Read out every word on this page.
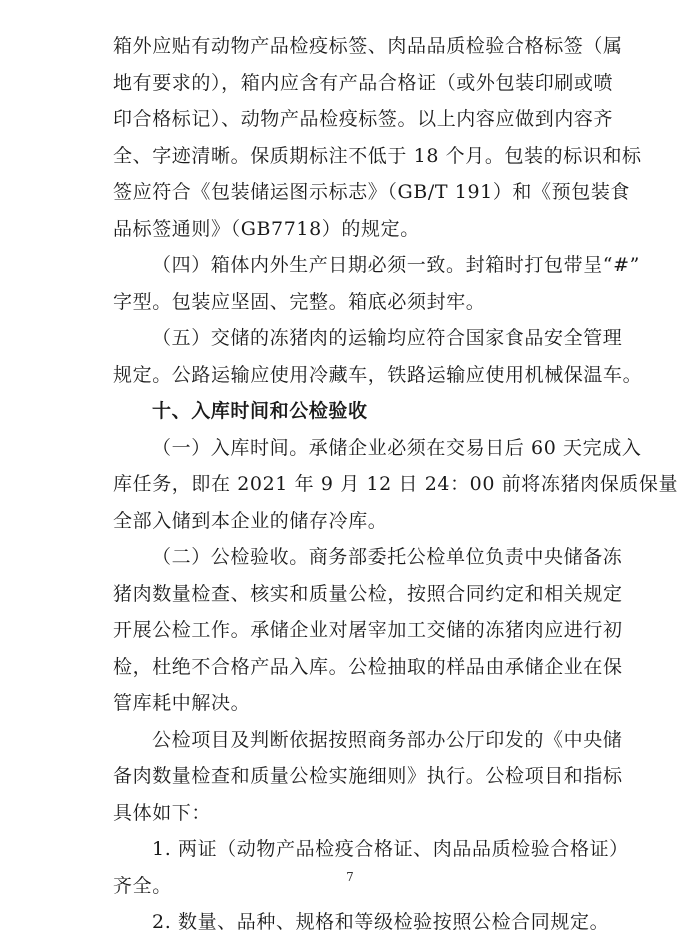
箱外应贴有动物产品检疫标签、肉品品质检验合格标签（属
地有要求的），箱内应含有产品合格证（或外包装印刷或喷
印合格标记）、动物产品检疫标签。以上内容应做到内容齐
全、字迹清晰。保质期标注不低于 18 个月。包装的标识和标
签应符合《包装储运图示标志》（GB/T 191）和《预包装食
品标签通则》（GB7718）的规定。
（四）箱体内外生产日期必须一致。封箱时打包带呈“#”
字型。包装应坚固、完整。箱底必须封牢。
（五）交储的冻猪肉的运输均应符合国家食品安全管理
规定。公路运输应使用冷藏车，铁路运输应使用机械保温车。
十、入库时间和公检验收
（一）入库时间。承储企业必须在交易日后 60 天完成入
库任务，即在 2021 年 9 月 12 日 24：00 前将冻猪肉保质保量
全部入储到本企业的储存冷库。
（二）公检验收。商务部委托公检单位负责中央储备冻
猪肉数量检查、核实和质量公检，按照合同约定和相关规定
开展公检工作。承储企业对屠宰加工交储的冻猪肉应进行初
检，杜绝不合格产品入库。公检抽取的样品由承储企业在保
管库耗中解决。
公检项目及判断依据按照商务部办公厅印发的《中央储
备肉数量检查和质量公检实施细则》执行。公检项目和指标
具体如下：
1. 两证（动物产品检疫合格证、肉品品质检验合格证）
齐全。
2. 数量、品种、规格和等级检验按照公检合同规定。
7
